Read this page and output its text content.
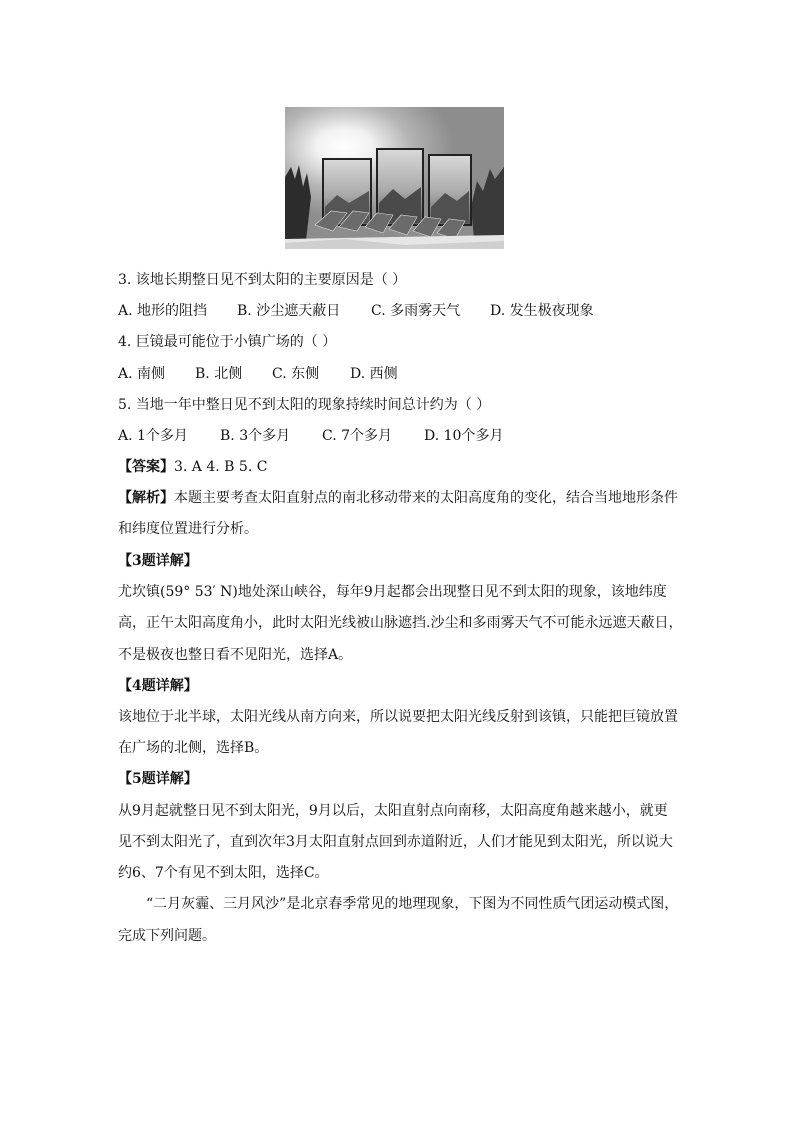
3. 该地长期整日见不到太阳的主要原因是（ ）
A. 地形的阻挡 B. 沙尘遮天蔽日 C. 多雨雾天气 D. 发生极夜现象
4. 巨镜最可能位于小镇广场的（ ）
A. 南侧 B. 北侧 C. 东侧 D. 西侧
5. 当地一年中整日见不到太阳的现象持续时间总计约为（ ）
A. 1个多月 B. 3个多月 C. 7个多月 D. 10个多月
【答案】3. A 4. B 5. C
【解析】本题主要考查太阳直射点的南北移动带来的太阳高度角的变化，结合当地地形条件
和纬度位置进行分析。
【3题详解】
尤坎镇(59° 53′ N)地处深山峡谷，每年9月起都会出现整日见不到太阳的现象，该地纬度
高，正午太阳高度角小，此时太阳光线被山脉遮挡.沙尘和多雨雾天气不可能永远遮天蔽日，
不是极夜也整日看不见阳光，选择A。
【4题详解】
该地位于北半球，太阳光线从南方向来，所以说要把太阳光线反射到该镇，只能把巨镜放置
在广场的北侧，选择B。
【5题详解】
从9月起就整日见不到太阳光，9月以后，太阳直射点向南移，太阳高度角越来越小，就更
见不到太阳光了，直到次年3月太阳直射点回到赤道附近，人们才能见到太阳光，所以说大
约6、7个有见不到太阳，选择C。
“二月灰霾、三月风沙”是北京春季常见的地理现象，下图为不同性质气团运动模式图，
完成下列问题。
